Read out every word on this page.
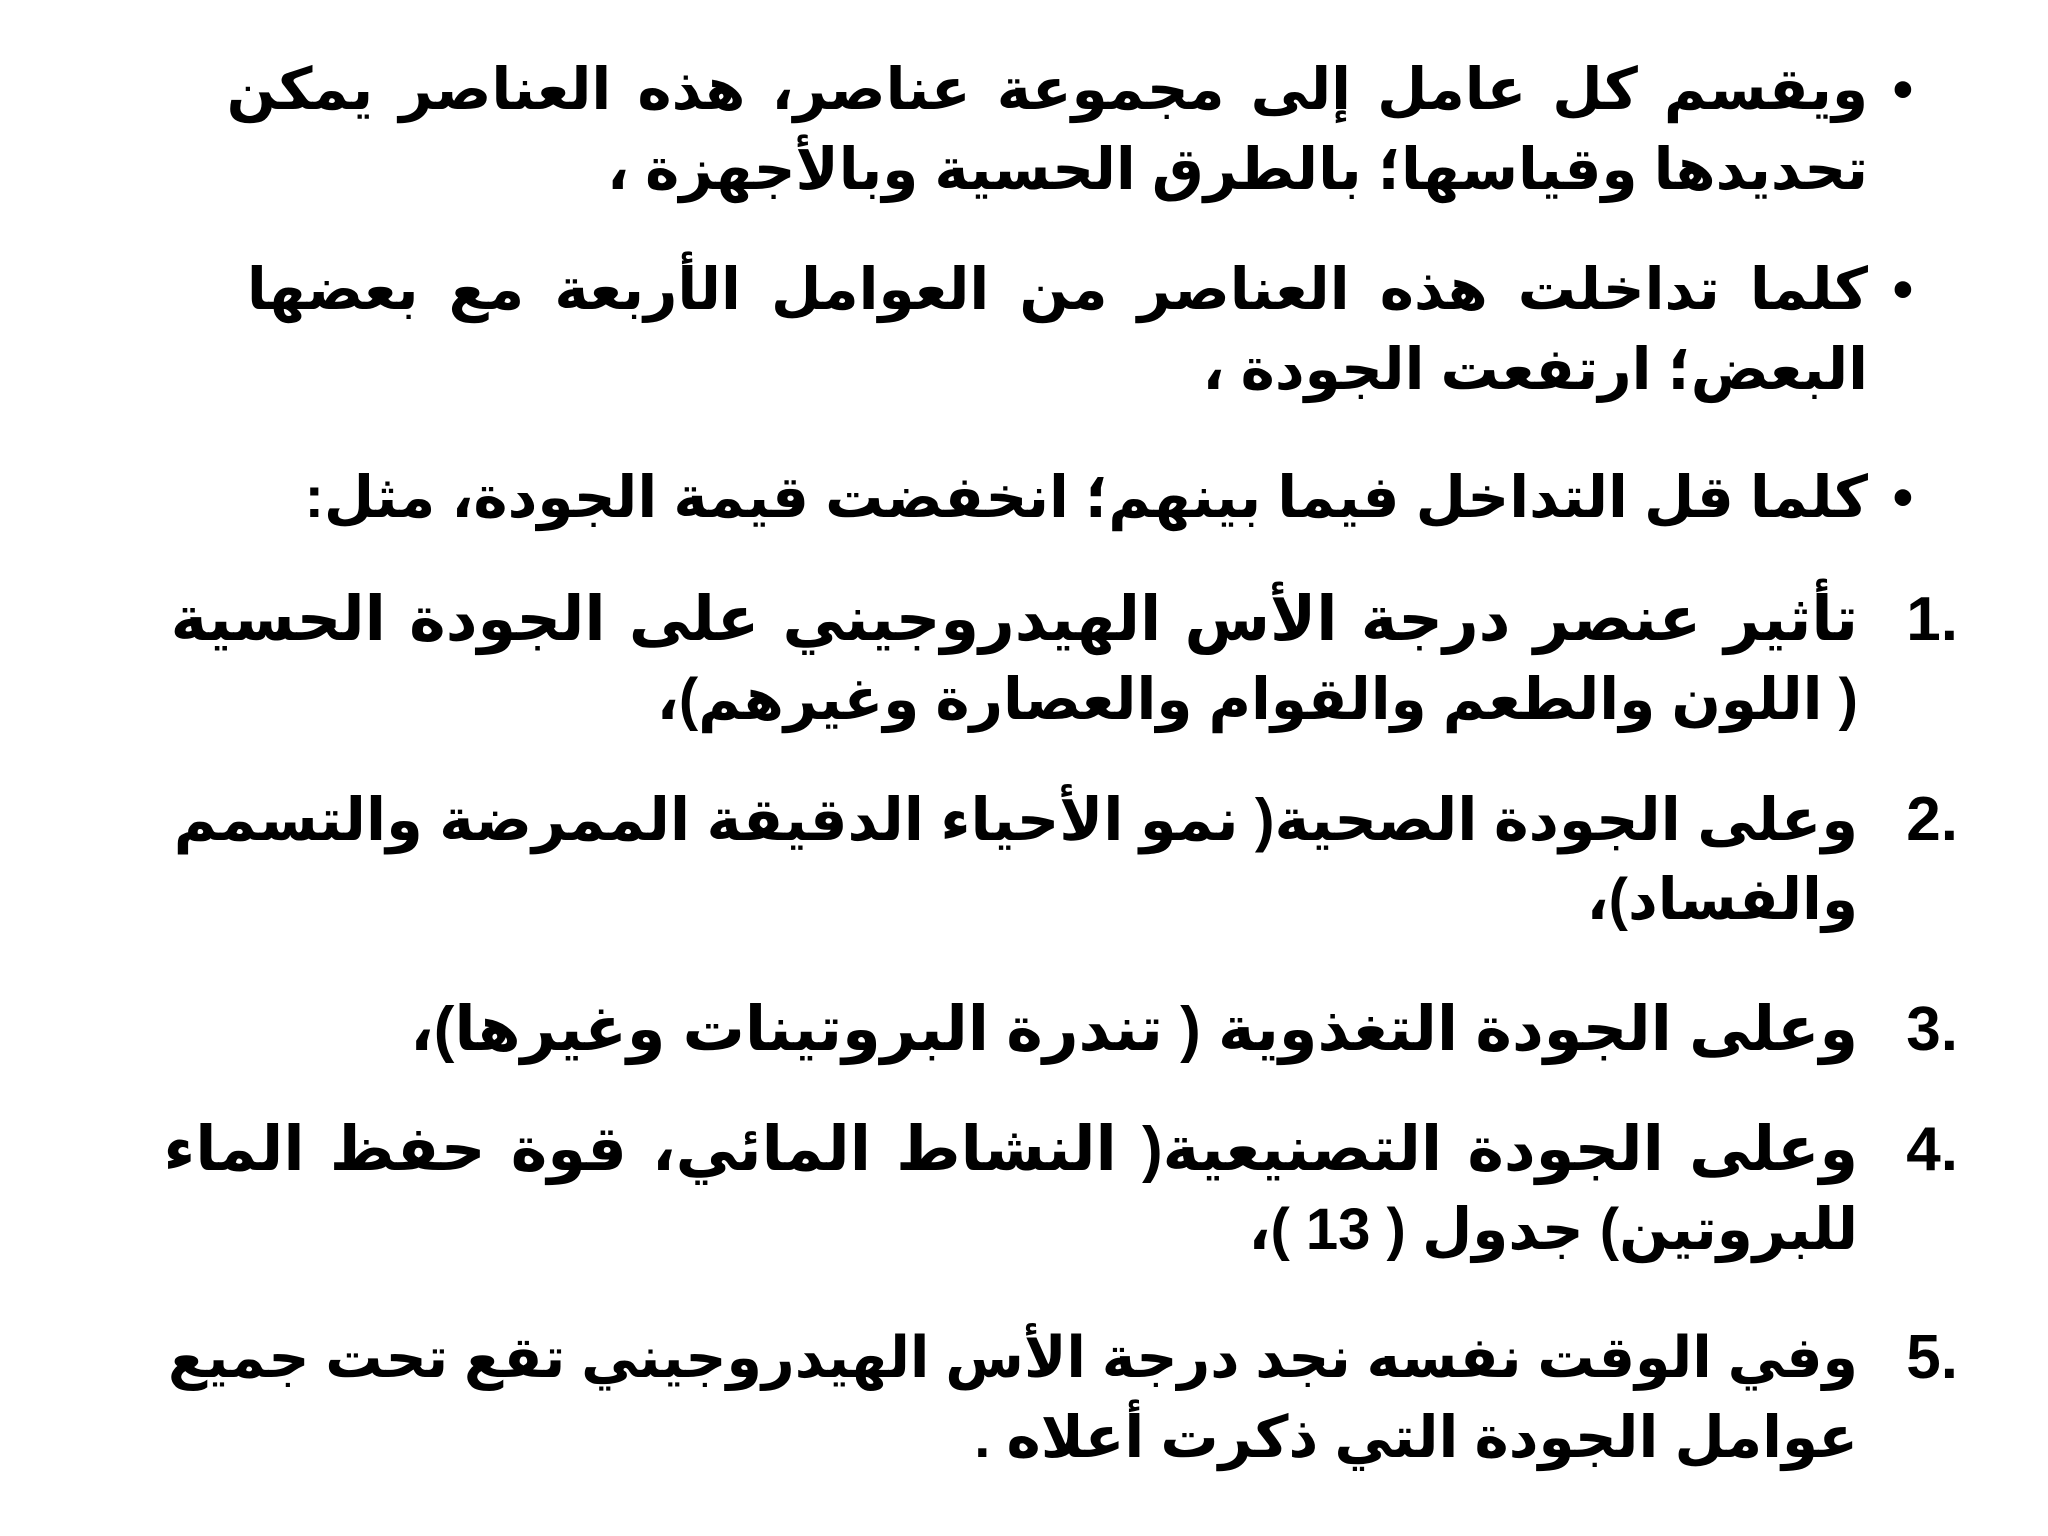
•
ويقسم كل عامل إلى مجموعة عناصر، هذه العناصر يمكن
تحديدها وقياسها؛ بالطرق الحسية وبالأجهزة ،
•
كلما تداخلت هذه العناصر من العوامل الأربعة مع بعضها
البعض؛ ارتفعت الجودة ،
•
كلما قل التداخل فيما بينهم؛ انخفضت قيمة الجودة، مثل:
1.
تأثير عنصر درجة الأس الهيدروجيني على الجودة الحسية
( اللون والطعم والقوام والعصارة وغيرهم)،
2.
وعلى الجودة الصحية( نمو الأحياء الدقيقة الممرضة والتسمم
والفساد)،
3.
وعلى الجودة التغذوية ( تندرة البروتينات وغيرها)،
4.
وعلى الجودة التصنيعية( النشاط المائي، قوة حفظ الماء
للبروتين) جدول ( 13 )،
5.
وفي الوقت نفسه نجد درجة الأس الهيدروجيني تقع تحت جميع
عوامل الجودة التي ذكرت أعلاه .
